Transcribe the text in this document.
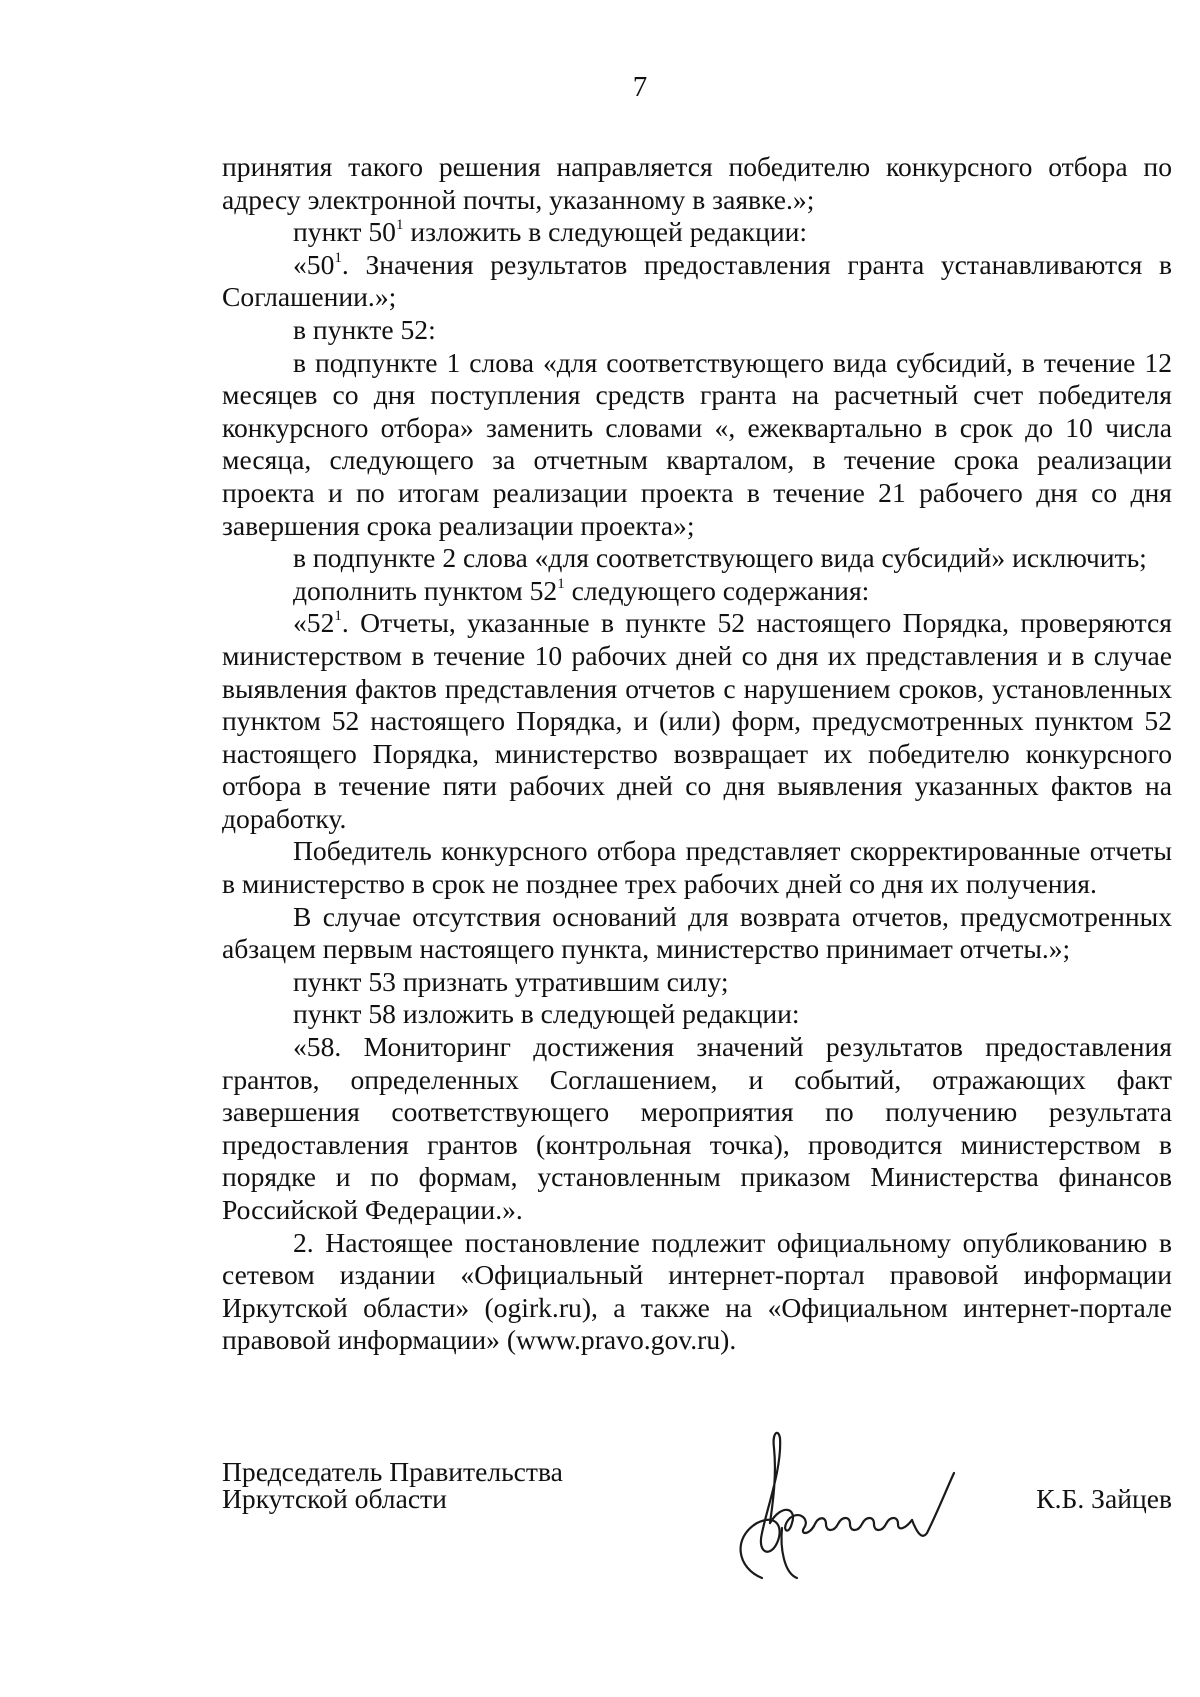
7

принятия такого решения направляется победителю конкурсного отбора по адресу электронной почты, указанному в заявке.»;

пункт $50^1$ изложить в следующей редакции:

«$50^1$. Значения результатов предоставления гранта устанавливаются в Соглашении.»;

в пункте 52:

в подпункте 1 слова «для соответствующего вида субсидий, в течение 12 месяцев со дня поступления средств гранта на расчетный счет победителя конкурсного отбора» заменить словами «, ежеквартально в срок до 10 числа месяца, следующего за отчетным кварталом, в течение срока реализации проекта и по итогам реализации проекта в течение 21 рабочего дня со дня завершения срока реализации проекта»;

в подпункте 2 слова «для соответствующего вида субсидий» исключить;

дополнить пунктом $52^1$ следующего содержания:

«$52^1$. Отчеты, указанные в пункте 52 настоящего Порядка, проверяются министерством в течение 10 рабочих дней со дня их представления и в случае выявления фактов представления отчетов с нарушением сроков, установленных пунктом 52 настоящего Порядка, и (или) форм, предусмотренных пунктом 52 настоящего Порядка, министерство возвращает их победителю конкурсного отбора в течение пяти рабочих дней со дня выявления указанных фактов на доработку.

Победитель конкурсного отбора представляет скорректированные отчеты в министерство в срок не позднее трех рабочих дней со дня их получения.

В случае отсутствия оснований для возврата отчетов, предусмотренных абзацем первым настоящего пункта, министерство принимает отчеты.»;

пункт 53 признать утратившим силу;

пункт 58 изложить в следующей редакции:

«58. Мониторинг достижения значений результатов предоставления грантов, определенных Соглашением, и событий, отражающих факт завершения соответствующего мероприятия по получению результата предоставления грантов (контрольная точка), проводится министерством в порядке и по формам, установленным приказом Министерства финансов Российской Федерации.».

2. Настоящее постановление подлежит официальному опубликованию в сетевом издании «Официальный интернет-портал правовой информации Иркутской области» (ogirk.ru), а также на «Официальном интернет-портале правовой информации» (www.pravo.gov.ru).

Председатель Правительства
Иркутской области	К.Б. Зайцев
